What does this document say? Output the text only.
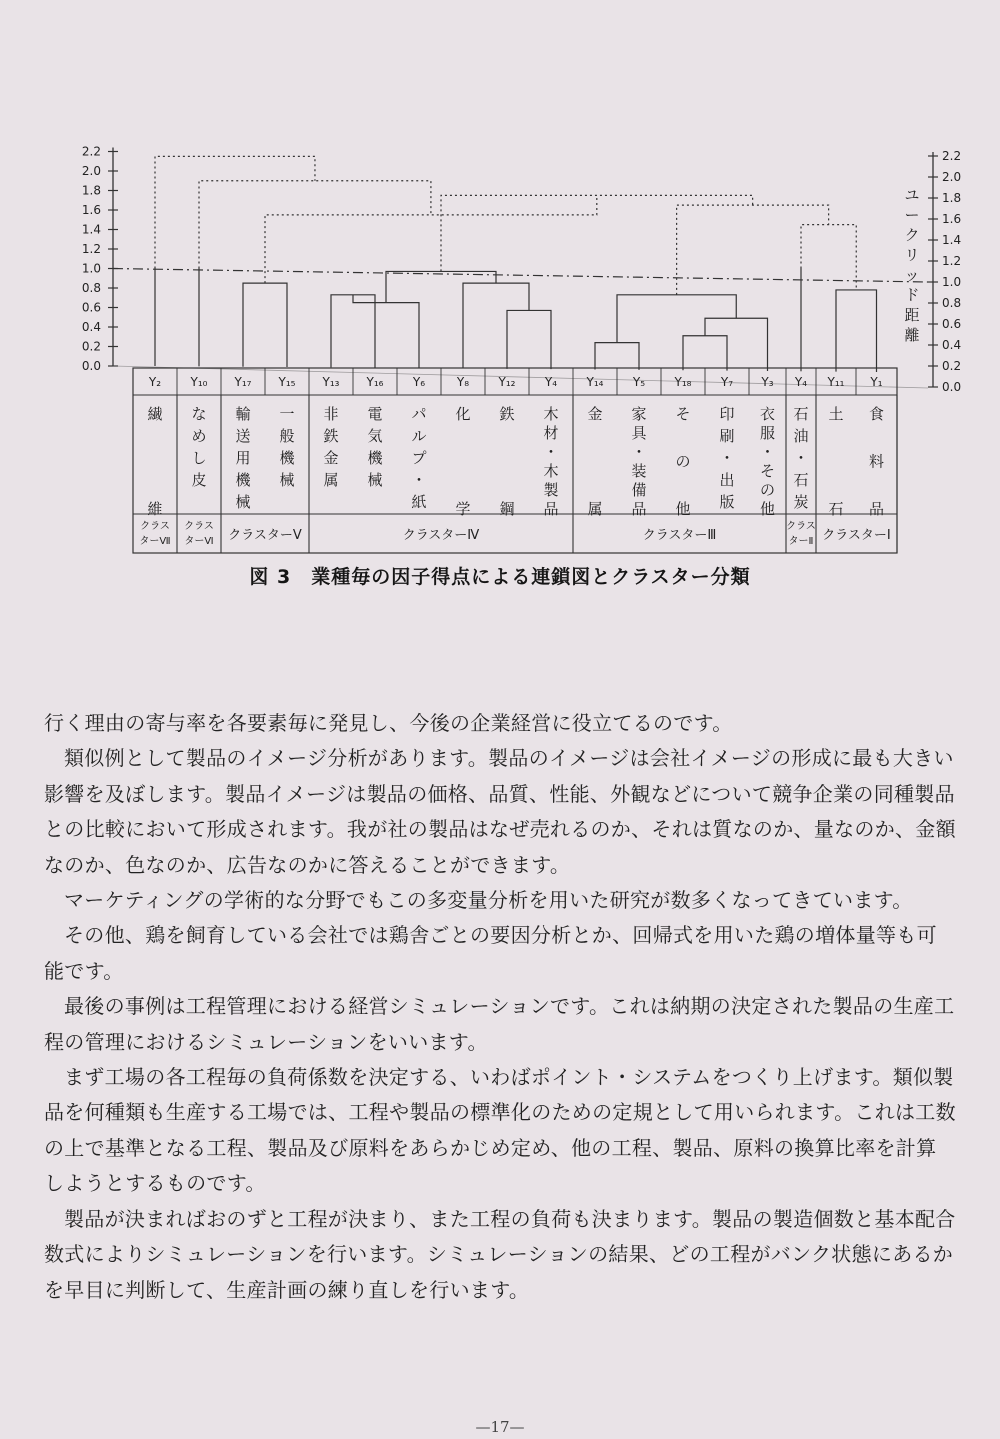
0.0
0.2
0.4
0.6
0.8
1.0
1.2
1.4
1.6
1.8
2.0
2.2
0.0
0.2
0.4
0.6
0.8
1.0
1.2
1.4
1.6
1.8
2.0
2.2
ユ
ー
ク
リ
ッ
ド
距
離
Y₂
繊
維
Y₁₀
な
め
し
皮
Y₁₇
輸
送
用
機
械
Y₁₅
一
般
機
械
Y₁₃
非
鉄
金
属
Y₁₆
電
気
機
械
Y₆
パ
ル
プ
・
紙
Y₈
化
学
Y₁₂
鉄
鋼
Y₄
木
材
・
木
製
品
Y₁₄
金
属
Y₅
家
具
・
装
備
品
Y₁₈
そ
の
他
Y₇
印
刷
・
出
版
Y₃
衣
服
・
そ
の
他
Y₄
石
油
・
石
炭
Y₁₁
土
石
Y₁
食
料
品
クラス
ターⅦ
クラス
ターⅥ クラスターⅤ	クラスターⅣ	クラスターⅢ
クラス
ターⅡ クラスターⅠ
図 3　業種毎の因子得点による連鎖図とクラスター分類

行く理由の寄与率を各要素毎に発見し、今後の企業経営に役立てるのです。

類似例として製品のイメージ分析があります。製品のイメージは会社イメージの形成に最も大きい影響を及ぼします。製品イメージは製品の価格、品質、性能、外観などについて競争企業の同種製品との比較において形成されます。我が社の製品はなぜ売れるのか、それは質なのか、量なのか、金額なのか、色なのか、広告なのかに答えることができます。

マーケティングの学術的な分野でもこの多変量分析を用いた研究が数多くなってきています。

その他、鶏を飼育している会社では鶏舎ごとの要因分析とか、回帰式を用いた鶏の増体量等も可能です。

最後の事例は工程管理における経営シミュレーションです。これは納期の決定された製品の生産工程の管理におけるシミュレーションをいいます。

まず工場の各工程毎の負荷係数を決定する、いわばポイント・システムをつくり上げます。類似製品を何種類も生産する工場では、工程や製品の標準化のための定規として用いられます。これは工数の上で基準となる工程、製品及び原料をあらかじめ定め、他の工程、製品、原料の換算比率を計算しようとするものです。

製品が決まればおのずと工程が決まり、また工程の負荷も決まります。製品の製造個数と基本配合数式によりシミュレーションを行います。シミュレーションの結果、どの工程がバンク状態にあるかを早目に判断して、生産計画の練り直しを行います。

—17—
